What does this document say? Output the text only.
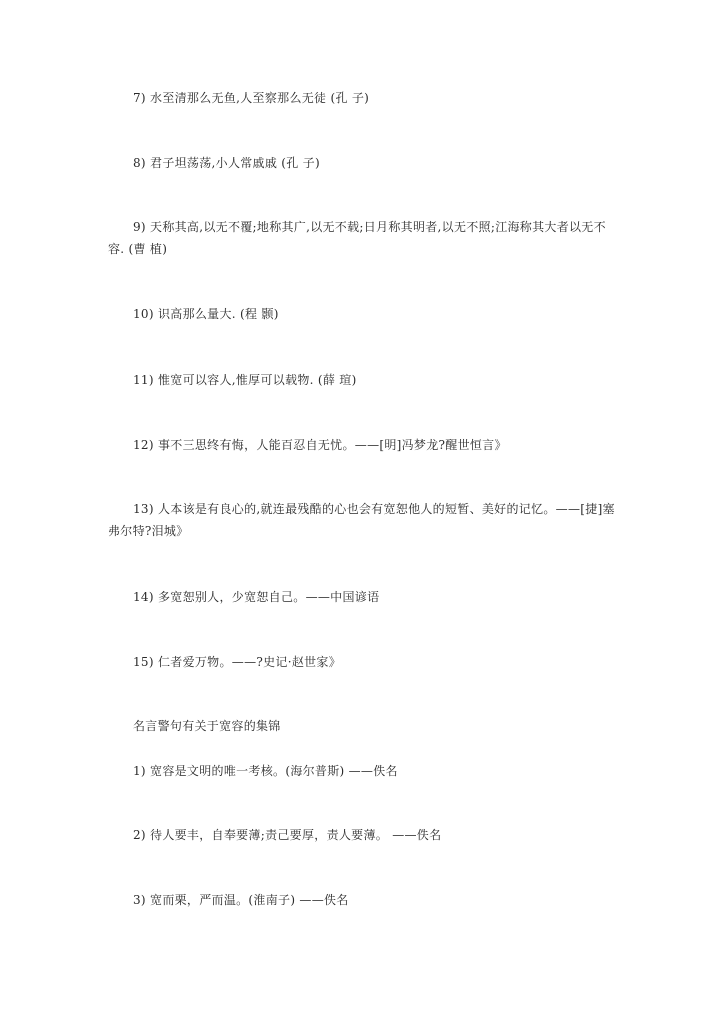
7) 水至清那么无鱼,人至察那么无徒 (孔 子)
8) 君子坦荡荡,小人常戚戚 (孔 子)
9) 天称其高,以无不覆;地称其广,以无不载;日月称其明者,以无不照;江海称其大者以无不容. (曹 植)
10) 识高那么量大. (程 颢)
11) 惟宽可以容人,惟厚可以载物. (薛 瑄)
12) 事不三思终有悔，人能百忍自无忧。——[明]冯梦龙?醒世恒言》
13) 人本该是有良心的,就连最残酷的心也会有宽恕他人的短暂、美好的记忆。——[捷]塞弗尔特?泪城》
14) 多宽恕别人，少宽恕自己。——中国谚语
15) 仁者爱万物。——?史记·赵世家》
名言警句有关于宽容的集锦
1) 宽容是文明的唯一考核。(海尔普斯) ——佚名
2) 待人要丰，自奉要薄;责己要厚，责人要薄。 ——佚名
3) 宽而栗，严而温。(淮南子) ——佚名
